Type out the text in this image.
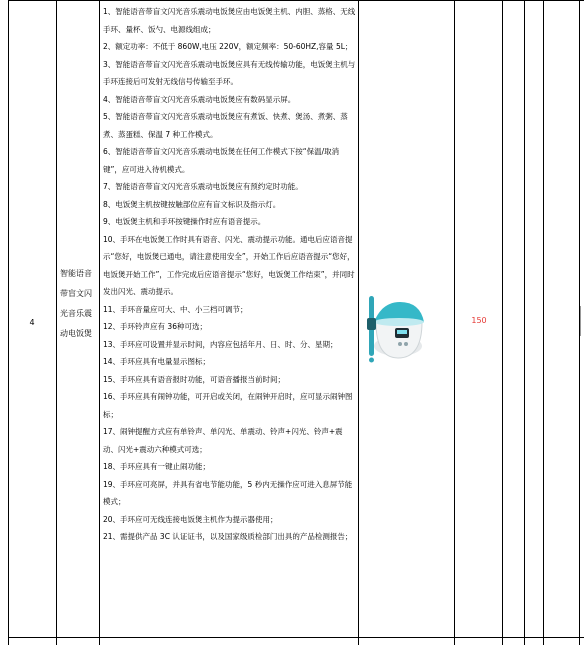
4
智能语音带盲文闪光音乐震动电饭煲

1、智能语音带盲文闪光音乐震动电饭煲应由电饭煲主机、内胆、蒸格、无线手环、量杯、饭勺、电源线组成；

2、额定功率：不低于 860W,电压 220V，额定频率：50-60HZ,容量 5L；

3、智能语音带盲文闪光音乐震动电饭煲应具有无线传输功能，电饭煲主机与手环连接后可发射无线信号传输至手环。

4、智能语音带盲文闪光音乐震动电饭煲应有数码显示屏。

5、智能语音带盲文闪光音乐震动电饭煲应有煮饭、快煮、煲汤、煮粥、蒸煮、蒸蛋糕、保温 7 种工作模式。

6、智能语音带盲文闪光音乐震动电饭煲在任何工作模式下按“保温/取消键”，应可进入待机模式。

7、智能语音带盲文闪光音乐震动电饭煲应有预约定时功能。

8、电饭煲主机按键按触部位应有盲文标识及指示灯。

9、电饭煲主机和手环按键操作时应有语音提示。

10、手环在电饭煲工作时具有语音、闪光、震动提示功能。通电后应语音提示“您好，电饭煲已通电，请注意使用安全”，开始工作后应语音提示“您好，电饭煲开始工作”，工作完成后应语音提示“您好，电饭煲工作结束”，并同时发出闪光、震动提示。

11、手环音量应可大、中、小三档可调节；

12、手环铃声应有 36种可选；

13、手环应可设置并显示时间，内容应包括年月、日、时、分、星期；

14、手环应具有电量显示图标；

15、手环应具有语音报时功能，可语音播报当前时间；

16、手环应具有闹钟功能，可开启或关闭，在闹钟开启时，应可显示闹钟图标；

17、闹钟提醒方式应有单铃声、单闪光、单震动、铃声+闪光、铃声+震动、闪光+震动六种模式可选；

18、手环应具有一键止闹功能；

19、手环应可亮屏，并具有省电节能功能，5 秒内无操作应可进入息屏节能模式；

20、手环应可无线连接电饭煲主机作为提示器使用；

21、需提供产品 3C 认证证书，以及国家级质检部门出具的产品检测报告；

150
